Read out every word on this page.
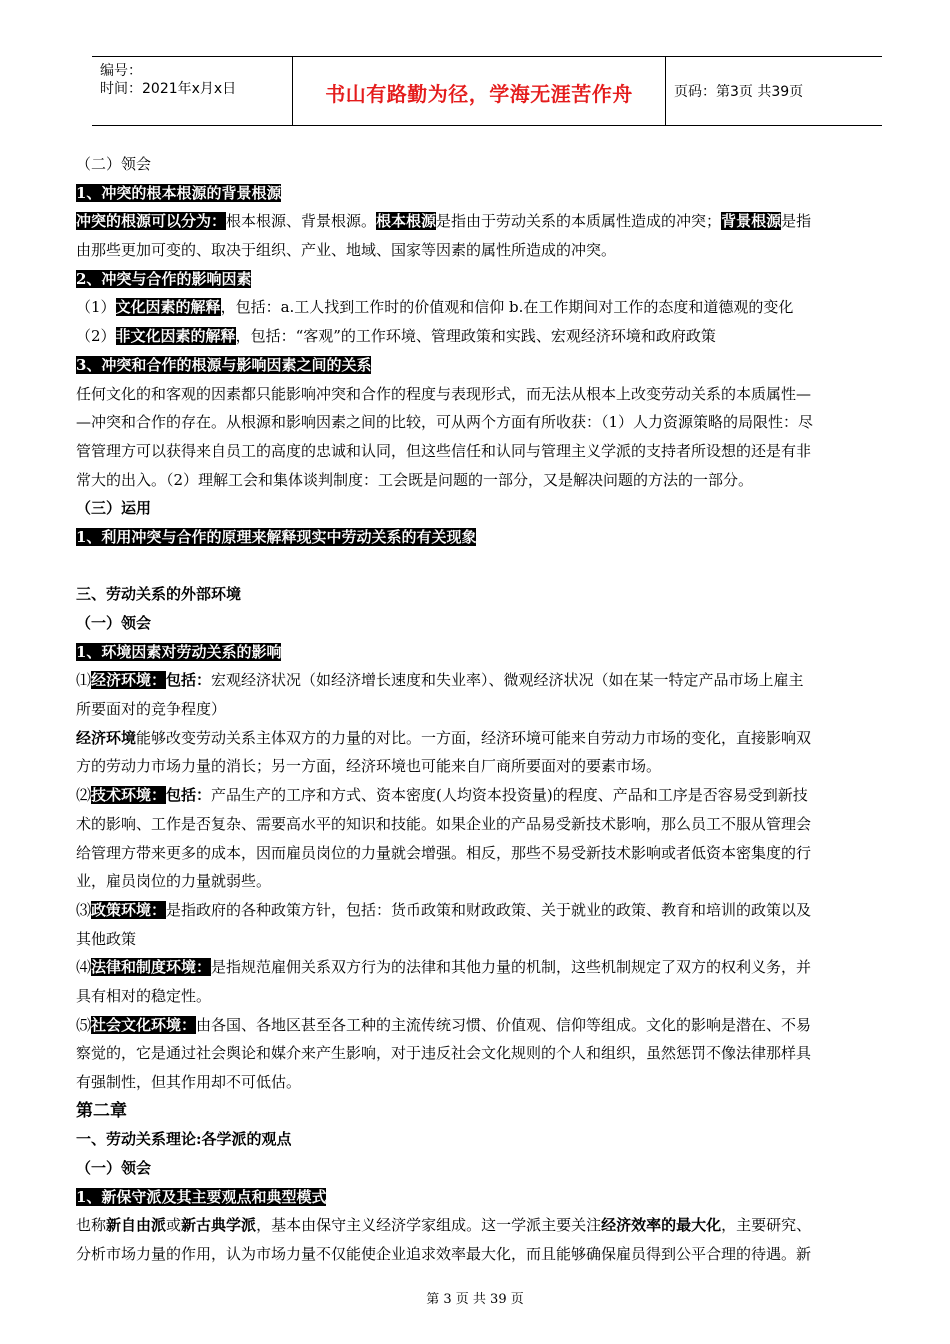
编号：
时间：2021年x月x日	书山有路勤为径，学海无涯苦作舟	页码：第3页 共39页
（二）领会
1、冲突的根本根源的背景根源
冲突的根源可以分为：根本根源、背景根源。根本根源是指由于劳动关系的本质属性造成的冲突；背景根源是指
由那些更加可变的、取决于组织、产业、地域、国家等因素的属性所造成的冲突。
2、冲突与合作的影响因素
（1）文化因素的解释，包括：a.工人找到工作时的价值观和信仰 b.在工作期间对工作的态度和道德观的变化
（2）非文化因素的解释，包括：“客观”的工作环境、管理政策和实践、宏观经济环境和政府政策
3、冲突和合作的根源与影响因素之间的关系
任何文化的和客观的因素都只能影响冲突和合作的程度与表现形式，而无法从根本上改变劳动关系的本质属性—
—冲突和合作的存在。从根源和影响因素之间的比较，可从两个方面有所收获：（1）人力资源策略的局限性：尽
管管理方可以获得来自员工的高度的忠诚和认同，但这些信任和认同与管理主义学派的支持者所设想的还是有非
常大的出入。（2）理解工会和集体谈判制度：工会既是问题的一部分，又是解决问题的方法的一部分。
（三）运用
1、利用冲突与合作的原理来解释现实中劳动关系的有关现象
三、劳动关系的外部环境
（一）领会
1、环境因素对劳动关系的影响
⑴经济环境：包括：宏观经济状况（如经济增长速度和失业率）、微观经济状况（如在某一特定产品市场上雇主
所要面对的竞争程度）
经济环境能够改变劳动关系主体双方的力量的对比。一方面，经济环境可能来自劳动力市场的变化，直接影响双
方的劳动力市场力量的消长；另一方面，经济环境也可能来自厂商所要面对的要素市场。
⑵技术环境：包括：产品生产的工序和方式、资本密度(人均资本投资量)的程度、产品和工序是否容易受到新技
术的影响、工作是否复杂、需要高水平的知识和技能。如果企业的产品易受新技术影响，那么员工不服从管理会
给管理方带来更多的成本，因而雇员岗位的力量就会增强。相反，那些不易受新技术影响或者低资本密集度的行
业，雇员岗位的力量就弱些。
⑶政策环境：是指政府的各种政策方针，包括：货币政策和财政政策、关于就业的政策、教育和培训的政策以及
其他政策
⑷法律和制度环境：是指规范雇佣关系双方行为的法律和其他力量的机制，这些机制规定了双方的权利义务，并
具有相对的稳定性。
⑸社会文化环境：由各国、各地区甚至各工种的主流传统习惯、价值观、信仰等组成。文化的影响是潜在、不易
察觉的，它是通过社会舆论和媒介来产生影响，对于违反社会文化规则的个人和组织，虽然惩罚不像法律那样具
有强制性，但其作用却不可低估。
第二章
一、劳动关系理论:各学派的观点
（一）领会
1、新保守派及其主要观点和典型模式
也称新自由派或新古典学派，基本由保守主义经济学家组成。这一学派主要关注经济效率的最大化，主要研究、
分析市场力量的作用，认为市场力量不仅能使企业追求效率最大化，而且能够确保雇员得到公平合理的待遇。新
第 3 页 共 39 页
